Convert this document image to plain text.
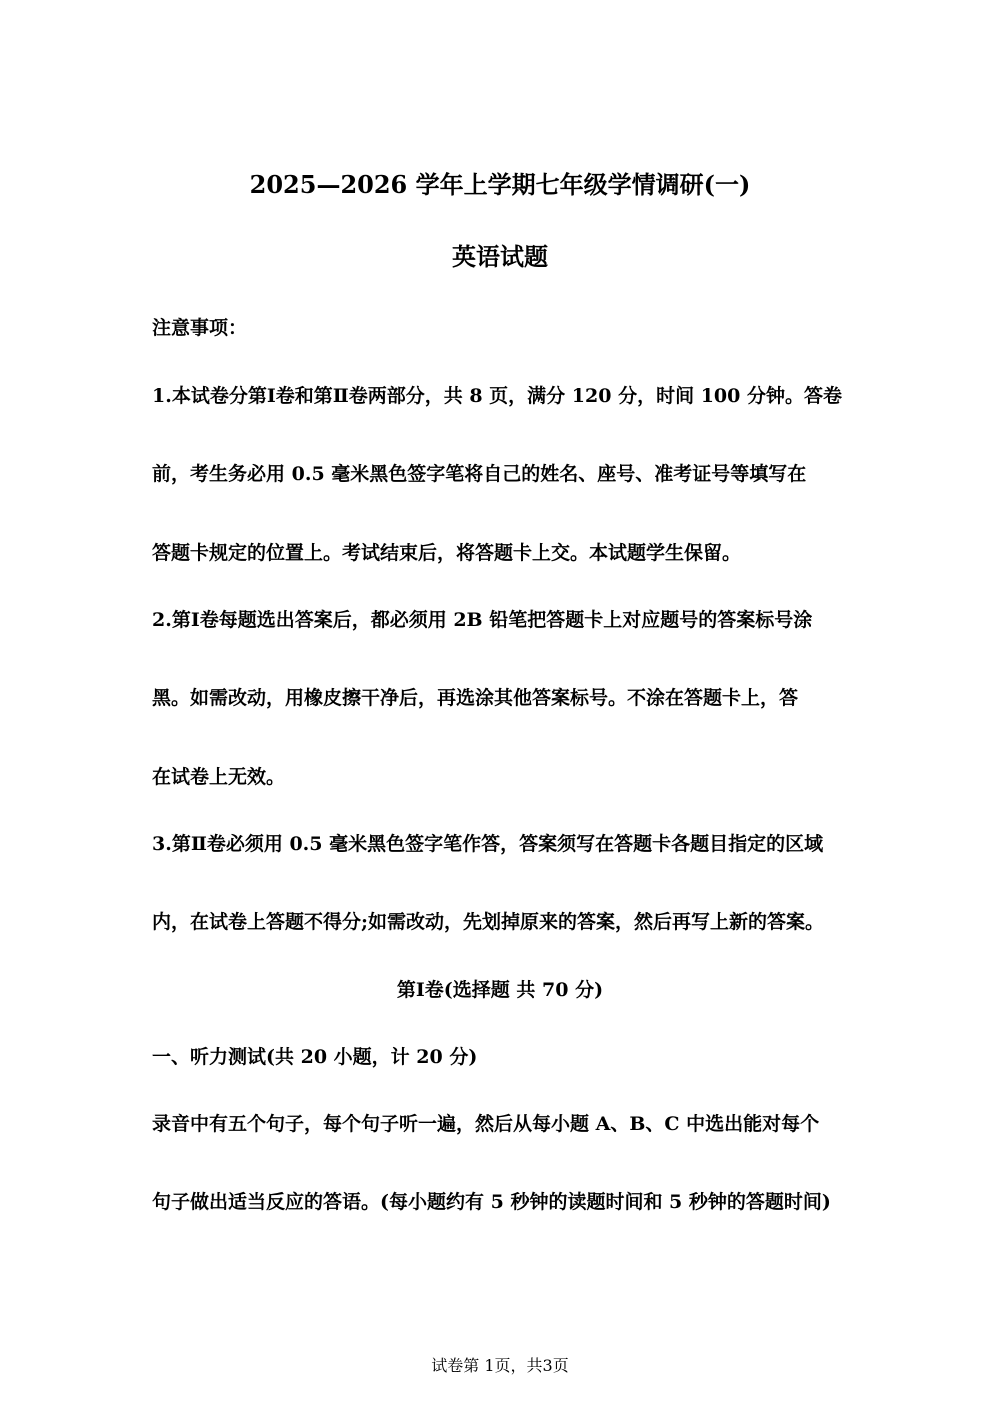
2025—2026 学年上学期七年级学情调研(一)
英语试题
注意事项：
1.本试卷分第Ⅰ卷和第Ⅱ卷两部分，共 8 页，满分 120 分，时间 100 分钟。答卷
前，考生务必用 0.5 毫米黑色签字笔将自己的姓名、座号、准考证号等填写在
答题卡规定的位置上。考试结束后，将答题卡上交。本试题学生保留。
2.第Ⅰ卷每题选出答案后，都必须用 2B 铅笔把答题卡上对应题号的答案标号涂
黑。如需改动，用橡皮擦干净后，再选涂其他答案标号。不涂在答题卡上，答
在试卷上无效。
3.第Ⅱ卷必须用 0.5 毫米黑色签字笔作答，答案须写在答题卡各题目指定的区域
内，在试卷上答题不得分;如需改动，先划掉原来的答案，然后再写上新的答案。
第Ⅰ卷(选择题 共 70 分)
一、听力测试(共 20 小题，计 20 分)
录音中有五个句子，每个句子听一遍，然后从每小题 A、B、C 中选出能对每个
句子做出适当反应的答语。(每小题约有 5 秒钟的读题时间和 5 秒钟的答题时间)
试卷第 1页，共3页
